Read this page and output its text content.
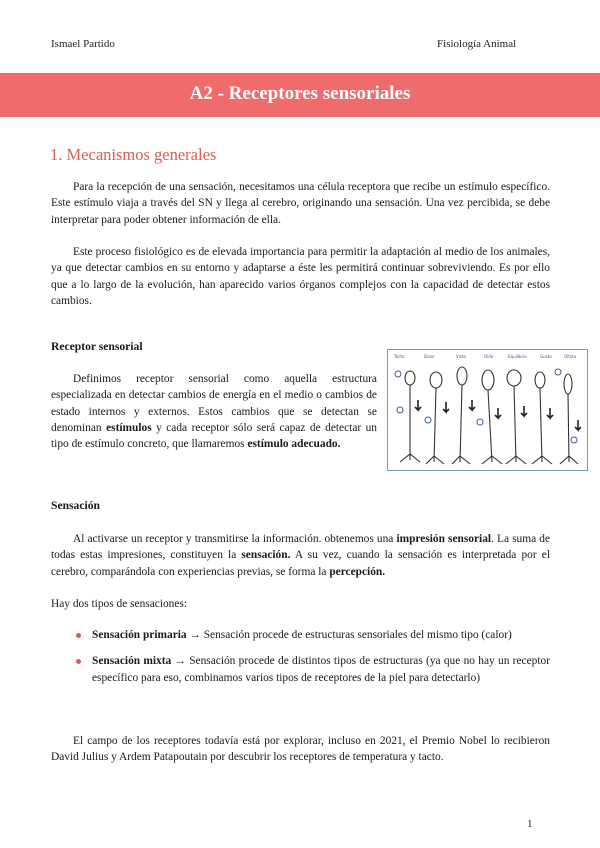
Ismael Partido	Fisiología Animal
A2 - Receptores sensoriales
1. Mecanismos generales

Para la recepción de una sensación, necesitamos una célula receptora que recibe un estímulo específico. Este estímulo viaja a través del SN y llega al cerebro, originando una sensación. Una vez percibida, se debe interpretar para poder obtener información de ella.

Este proceso fisiológico es de elevada importancia para permitir la adaptación al medio de los animales, ya que detectar cambios en su entorno y adaptarse a éste les permitirá continuar sobreviviendo. Es por ello que a lo largo de la evolución, han aparecido varios órganos complejos con la capacidad de detectar estos cambios.

Receptor sensorial

Definimos receptor sensorial como aquella estructura especializada en detectar cambios de energía en el medio o cambios de estado internos y externos. Estos cambios que se detectan se denominan estímulos y cada receptor sólo será capaz de detectar un tipo de estímulo concreto, que llamaremos estímulo adecuado.

Tacto	Dolor	Vista	Oído	Equilibrio	Gusto	Olfato
Sensación

Al activarse un receptor y transmitirse la información. obtenemos una impresión sensorial. La suma de todas estas impresiones, constituyen la sensación. A su vez, cuando la sensación es interpretada por el cerebro, comparándola con experiencias previas, se forma la percepción.

Hay dos tipos de sensaciones:

Sensación primaria → Sensación procede de estructuras sensoriales del mismo tipo (calor)
Sensación mixta → Sensación procede de distintos tipos de estructuras (ya que no hay un receptor específico para eso, combinamos varios tipos de receptores de la piel para detectarlo)

El campo de los receptores todavía está por explorar, incluso en 2021, el Premio Nobel lo recibieron David Julius y Ardem Patapoutain por descubrir los receptores de temperatura y tacto.

1
